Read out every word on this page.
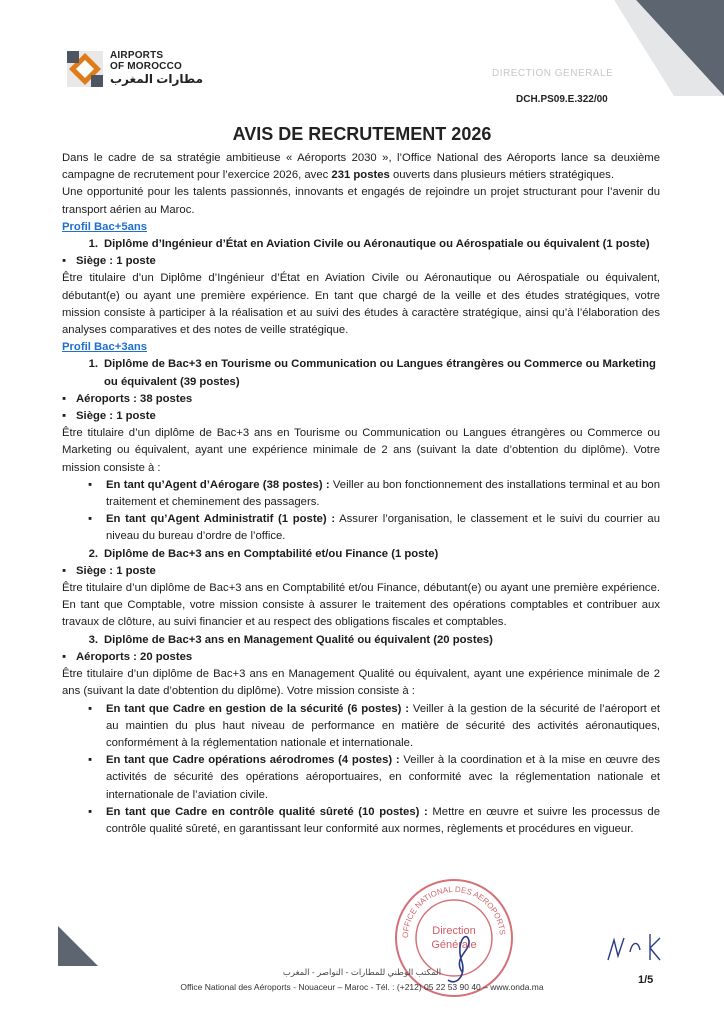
AIRPORTS
OF MOROCCO
مطارات المغرب	DIRECTION GENERALE
DCH.PS09.E.322/00
AVIS DE RECRUTEMENT 2026

Dans le cadre de sa stratégie ambitieuse « Aéroports 2030 », l’Office National des Aéroports lance sa deuxième campagne de recrutement pour l’exercice 2026, avec 231 postes ouverts dans plusieurs métiers stratégiques.

Une opportunité pour les talents passionnés, innovants et engagés de rejoindre un projet structurant pour l’avenir du transport aérien au Maroc.

Profil Bac+5ans

1. Diplôme d’Ingénieur d’État en Aviation Civile ou Aéronautique ou Aérospatiale ou équivalent (1 poste)

▪ Siège : 1 poste

Être titulaire d’un Diplôme d’Ingénieur d’État en Aviation Civile ou Aéronautique ou Aérospatiale ou équivalent, débutant(e) ou ayant une première expérience. En tant que chargé de la veille et des études stratégiques, votre mission consiste à participer à la réalisation et au suivi des études à caractère stratégique, ainsi qu’à l’élaboration des analyses comparatives et des notes de veille stratégique.

Profil Bac+3ans

1. Diplôme de Bac+3 en Tourisme ou Communication ou Langues étrangères ou Commerce ou Marketing ou équivalent (39 postes)

▪ Aéroports : 38 postes

▪ Siège : 1 poste

Être titulaire d’un diplôme de Bac+3 ans en Tourisme ou Communication ou Langues étrangères ou Commerce ou Marketing ou équivalent, ayant une expérience minimale de 2 ans (suivant la date d’obtention du diplôme). Votre mission consiste à :

▪	En tant qu’Agent d’Aérogare (38 postes) : Veiller au bon fonctionnement des installations terminal et au bon traitement et cheminement des passagers.
▪	En tant qu’Agent Administratif (1 poste) : Assurer l’organisation, le classement et le suivi du courrier au niveau du bureau d’ordre de l’office.
2. Diplôme de Bac+3 ans en Comptabilité et/ou Finance (1 poste)

▪ Siège : 1 poste

Être titulaire d’un diplôme de Bac+3 ans en Comptabilité et/ou Finance, débutant(e) ou ayant une première expérience. En tant que Comptable, votre mission consiste à assurer le traitement des opérations comptables et contribuer aux travaux de clôture, au suivi financier et au respect des obligations fiscales et comptables.

3. Diplôme de Bac+3 ans en Management Qualité ou équivalent (20 postes)

▪ Aéroports : 20 postes

Être titulaire d’un diplôme de Bac+3 ans en Management Qualité ou équivalent, ayant une expérience minimale de 2 ans (suivant la date d’obtention du diplôme). Votre mission consiste à :

▪	En tant que Cadre en gestion de la sécurité (6 postes) : Veiller à la gestion de la sécurité de l’aéroport et au maintien du plus haut niveau de performance en matière de sécurité des activités aéronautiques, conformément à la réglementation nationale et internationale.
▪	En tant que Cadre opérations aérodromes (4 postes) : Veiller à la coordination et à la mise en œuvre des activités de sécurité des opérations aéroportuaires, en conformité avec la réglementation nationale et internationale de l’aviation civile.
▪	En tant que Cadre en contrôle qualité sûreté (10 postes) : Mettre en œuvre et suivre les processus de contrôle qualité sûreté, en garantissant leur conformité aux normes, règlements et procédures en vigueur.
OFFICE NATIONAL DES AEROPORTS
Direction
Générale
المكتب الوطني للمطارات - النواصر - المغرب
Office National des Aéroports - Nouaceur – Maroc - Tél. : (+212) 05 22 53 90 40 – www.onda.ma
1/5
